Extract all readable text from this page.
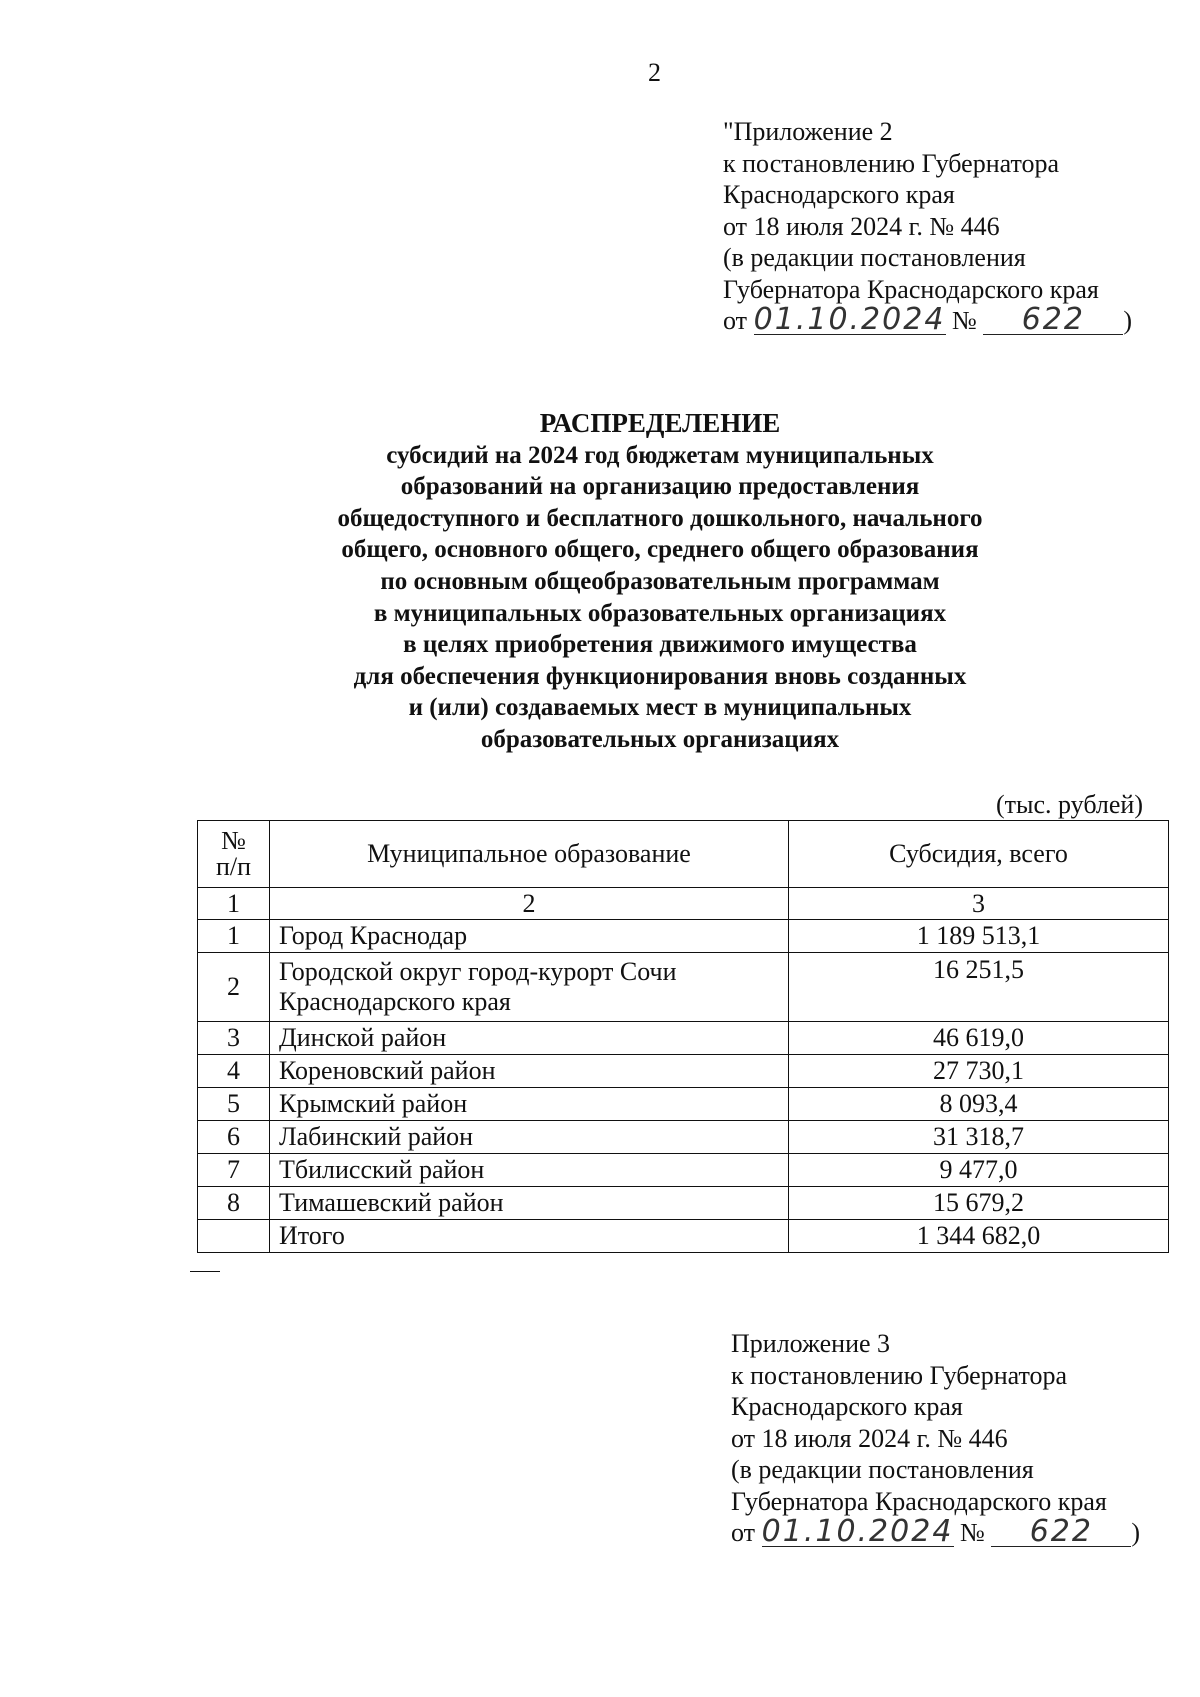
2
"Приложение 2
к постановлению Губернатора
Краснодарского края
от 18 июля 2024 г. № 446
(в редакции постановления
Губернатора Краснодарского края
от 01.10.2024 № 622 )
РАСПРЕДЕЛЕНИЕ
субсидий на 2024 год бюджетам муниципальных
образований на организацию предоставления
общедоступного и бесплатного дошкольного, начального
общего, основного общего, среднего общего образования
по основным общеобразовательным программам
в муниципальных образовательных организациях
в целях приобретения движимого имущества
для обеспечения функционирования вновь созданных
и (или) создаваемых мест в муниципальных
образовательных организациях
(тыс. рублей)
№
п/п	Муниципальное образование	Субсидия, всего
1	2	3
1	Город Краснодар	1 189 513,1
2	Городской округ город-курорт Сочи
Краснодарского края	16 251,5
3	Динской район	46 619,0
4	Кореновский район	27 730,1
5	Крымский район	8 093,4
6	Лабинский район	31 318,7
7	Тбилисский район	9 477,0
8	Тимашевский район	15 679,2
	Итого	1 344 682,0
Приложение 3
к постановлению Губернатора
Краснодарского края
от 18 июля 2024 г. № 446
(в редакции постановления
Губернатора Краснодарского края
от 01.10.2024 № 622 )
